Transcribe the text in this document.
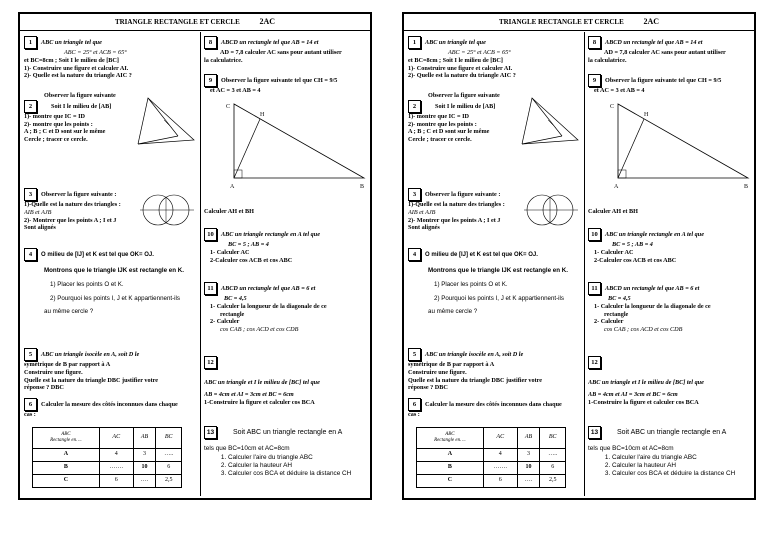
TRIANGLE RECTANGLE ET CERCLE 2AC
1 ABC un triangle tel que
ABC = 25° et ACB = 65°
et BC=8cm ; Soit I le milieu de [BC]
1)- Construire une figure et calculer AI.
2)- Quelle est la nature du triangle AIC ?
Observer la figure suivante
2	Soit I le milieu de [AB]
1)- montre que IC = ID
2)- montre que les points :
A ; B ; C et D sont sur le même
Cercle ; tracer ce cercle.
3 Observer la figure suivante :
1)-Quelle est la nature des triangles :
AIB et AJB
2)- Montrer que les points A ; I et J
Sont alignés
4 O milieu de [IJ] et K est tel que OK= OJ.
Montrons que le triangle IJK est rectangle en K.
1) Placer les points O et K.
2) Pourquoi les points I, J et K appartiennent-ils
au même cercle ?
5 ABC un triangle isocèle en A, soit D le
symétrique de B par rapport à A
Construire une figure.
Quelle est la nature du triangle DBC justifier votre
réponse ? DBC
6 Calculer la mesure des côtés inconnues dans chaque
cas :
ABC
Rectangle en….	AC	AB	BC
A	4	3	…..
B	…….	10	6
C	6	….	2,5
8 ABCD un rectangle tel que AB = 14 et
AD = 7,8 calculer AC sans pour autant utiliser
la calculatrice.
9 Observer la figure suivante tel que CH = 9/5
et AC = 3 et AB = 4
C
H
A	B
Calculer AH et BH
10 ABC un triangle rectangle en A tel que
BC = 5 ; AB = 4
1- Calculer AC
2-Calculer cos ACB et cos ABC
11 ABCD un rectangle tel que AB = 6 et
BC = 4,5
1- Calculer la longueur de la diagonale de ce
rectangle
2- Calculer
cos CAB ; cos ACD et cos CDB
12
ABC un triangle et I le milieu de [BC] tel que
AB = 4cm et AI = 3cm et BC = 6cm
1-Construire la figure et calculer cos BCA
13	Soit ABC un triangle rectangle en A
tels que BC=10cm et AC=8cm
1. Calculer l'aire du triangle ABC
2. Calculer la hauteur AH
3. Calculer cos BCA et déduire la distance CH
TRIANGLE RECTANGLE ET CERCLE 2AC
1 ABC un triangle tel que
ABC = 25° et ACB = 65°
et BC=8cm ; Soit I le milieu de [BC]
1)- Construire une figure et calculer AI.
2)- Quelle est la nature du triangle AIC ?
Observer la figure suivante
2	Soit I le milieu de [AB]
1)- montre que IC = ID
2)- montre que les points :
A ; B ; C et D sont sur le même
Cercle ; tracer ce cercle.
3 Observer la figure suivante :
1)-Quelle est la nature des triangles :
AIB et AJB
2)- Montrer que les points A ; I et J
Sont alignés
4 O milieu de [IJ] et K est tel que OK= OJ.
Montrons que le triangle IJK est rectangle en K.
1) Placer les points O et K.
2) Pourquoi les points I, J et K appartiennent-ils
au même cercle ?
5 ABC un triangle isocèle en A, soit D le
symétrique de B par rapport à A
Construire une figure.
Quelle est la nature du triangle DBC justifier votre
réponse ? DBC
6 Calculer la mesure des côtés inconnues dans chaque
cas :
ABC
Rectangle en….	AC	AB	BC
A	4	3	…..
B	…….	10	6
C	6	….	2,5
8 ABCD un rectangle tel que AB = 14 et
AD = 7,8 calculer AC sans pour autant utiliser
la calculatrice.
9 Observer la figure suivante tel que CH = 9/5
et AC = 3 et AB = 4
C
H
A	B
Calculer AH et BH
10 ABC un triangle rectangle en A tel que
BC = 5 ; AB = 4
1- Calculer AC
2-Calculer cos ACB et cos ABC
11 ABCD un rectangle tel que AB = 6 et
BC = 4,5
1- Calculer la longueur de la diagonale de ce
rectangle
2- Calculer
cos CAB ; cos ACD et cos CDB
12
ABC un triangle et I le milieu de [BC] tel que
AB = 4cm et AI = 3cm et BC = 6cm
1-Construire la figure et calculer cos BCA
13	Soit ABC un triangle rectangle en A
tels que BC=10cm et AC=8cm
1. Calculer l'aire du triangle ABC
2. Calculer la hauteur AH
3. Calculer cos BCA et déduire la distance CH
